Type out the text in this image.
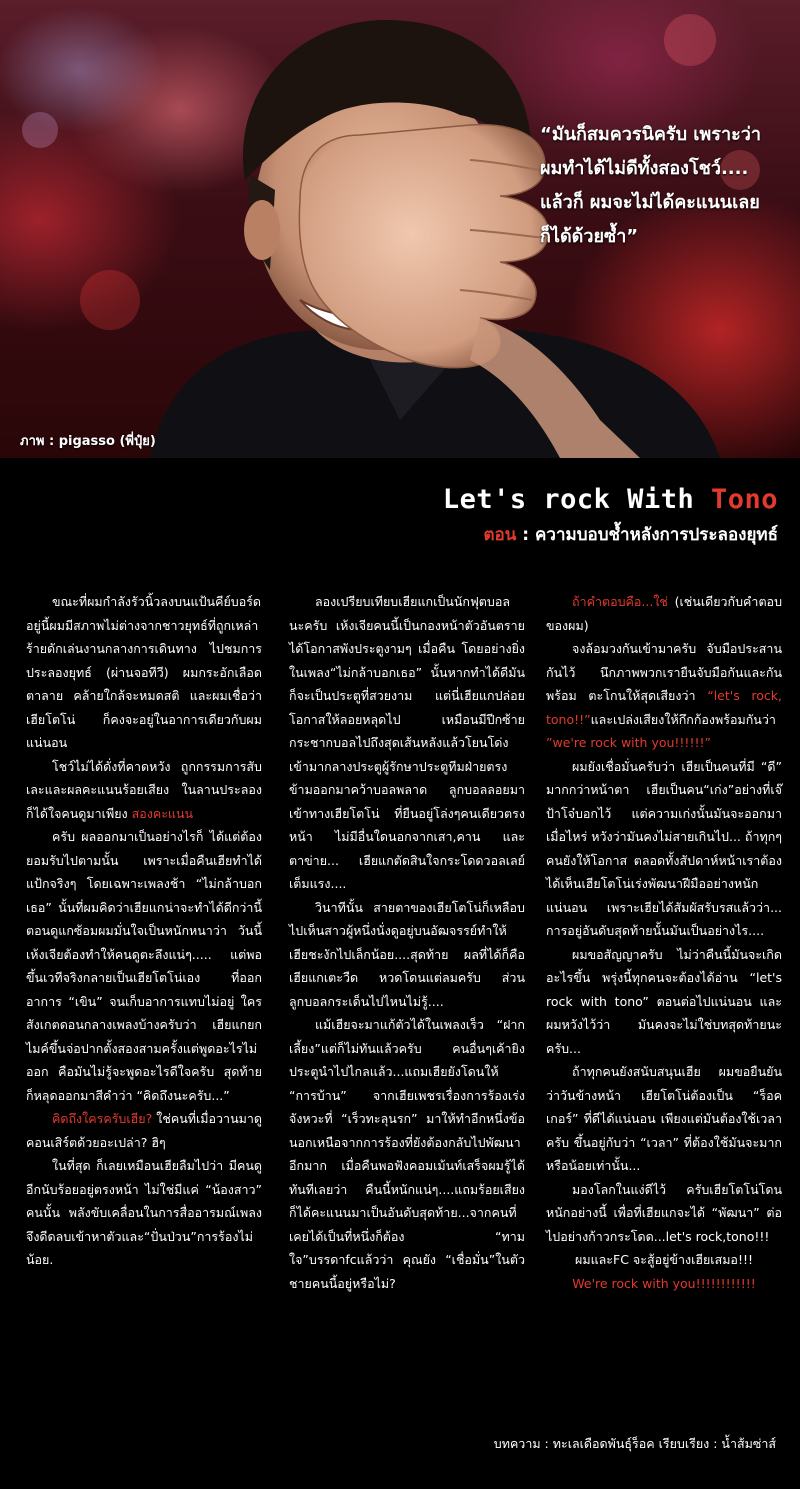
“มันก็สมควรนิครับ เพราะว่า
ผมทำได้ไม่ดีทั้งสองโชว์....
แล้วก็ ผมจะไม่ได้คะแนนเลย
ก็ได้ด้วยซ้ำ”
ภาพ : pigasso (พี่ปุ๋ย)
Let's rock With Tono
ตอน : ความบอบช้ำหลังการประลองยุทธ์

ขณะที่ผมกำลังรัวนิ้วลงบนแป้นคีย์บอร์ดอยู่นี้ผมมีสภาพไม่ต่างจากชาวยุทธ์ที่ถูกเหล่าร้ายดักเล่นงานกลางการเดินทาง ไปชมการประลองยุทธ์ (ผ่านจอทีวี) ผมกระอักเลือดตาลาย คล้ายใกล้จะหมดสติ และผมเชื่อว่าเฮียโตโน่ ก็คงจะอยู่ในอาการเดียวกับผมแน่นอน

โชว์ไม่ได้ดั่งที่คาดหวัง ถูกกรรมการสับเละและผลคะแนนร้อยเสียง ในลานประลองก็ได้ใจคนดูมาเพียง สองคะแนน

ครับ ผลออกมาเป็นอย่างไรก็ ได้แต่ต้องยอมรับไปตามนั้น เพราะเมื่อคืนเฮียทำได้แป้กจริงๆ โดยเฉพาะเพลงช้า “ไม่กล้าบอกเธอ” นั้นที่ผมคิดว่าเฮียแกน่าจะทำได้ดีกว่านี้ ตอนดูแกซ้อมผมมั่นใจเป็นหนักหนาว่า วันนี้ เห้งเจียต้องทำให้คนดูตะลึงแน่ๆ..... แต่พอขึ้นเวทีจริงกลายเป็นเฮียโตโน่เอง ที่ออกอาการ “เขิน” จนเก็บอาการแทบไม่อยู่ ใครสังเกตดอนกลางเพลงบ้างครับว่า เฮียแกยกไมค์ขึ้นจ่อปากตั้งสองสามครั้งแต่พูดอะไรไม่ออก คือมันไม่รู้จะพูดอะไรดีใจครับ สุดท้าย ก็หลุดออกมาสีคำว่า “คิดถึงนะครับ...”

คิดถึงใครครับเฮีย? ใช่คนที่เมื่อวานมาดูคอนเสิร์ตด้วยอะเปล่า? ฮิๆ

ในที่สุด ก็เลยเหมือนเฮียลืมไปว่า มีคนดูอีกนับร้อยอยู่ตรงหน้า ไม่ใช่มีแค่ “น้องสาว” คนนั้น พลังขับเคลื่อนในการสื่ออารมณ์เพลงจึงดีดลบเข้าหาตัวและ“ปั่นป่วน”การร้องไม่น้อย.

ลองเปรียบเทียบเฮียแกเป็นนักฟุตบอลนะครับ เห้งเจียคนนี้เป็นกองหน้าตัวอันตราย ได้โอกาสพังประตูงามๆ เมื่อคืน โดยอย่างยิ่งในเพลง“ไม่กล้าบอกเธอ” นั้นหากทำได้ดีมันก็จะเป็นประตูที่สวยงาม แต่นี่เฮียแกปล่อยโอกาสให้ลอยหลุดไป เหมือนมีปีกซ้ายกระชากบอลไปถึงสุดเส้นหลังแล้วโยนโด่ง เข้ามากลางประตูผู้รักษาประตูทีมฝ่ายตรงข้ามออกมาคว้าบอลพลาด ลูกบอลลอยมาเข้าทางเฮียโตโน่ ที่ยืนอยู่โล่งๆคนเดียวตรงหน้า ไม่มีอื่นใดนอกจากเสา,คาน และตาข่าย... เฮียแกตัดสินใจกระโดดวอลเลย์เต็มแรง....

วินาทีนั้น สายตาของเฮียโตโน่ก็เหลือบไปเห็นสาวผู้หนึ่งนั่งดูอยู่บนอัฒจรรย์ทำให้เฮียชะงักไปเล็กน้อย....สุดท้าย ผลที่ได้ก็คือเฮียแกเตะวืด หวดโดนแต่ลมครับ ส่วนลูกบอลกระเด็นไปไหนไม่รู้....

แม้เฮียจะมาแก้ตัวได้ในเพลงเร็ว “ฝากเลี้ยง”แต่ก็ไม่ทันแล้วครับ คนอื่นๆเค้ายิงประตูนำไปไกลแล้ว...แถมเฮียยังโดนให้ “การบ้าน” จากเฮียเพชรเรื่องการร้องเร่งจังหวะที่ “เร็วทะลุนรก” มาให้ทำอีกหนึ่งข้อ นอกเหนือจากการร้องที่ยังต้องกลับไปพัฒนาอีกมาก เมื่อคืนพอฟังคอมเม้นท์เสร็จผมรู้ได้ทันทีเลยว่า คืนนี้หนักแน่ๆ....แถมร้อยเสียงก็ได้คะแนนมาเป็นอันดับสุดท้าย...จากคนที่เคยได้เป็นที่หนึ่งก็ต้อง “ทามใจ”บรรดาfcแล้วว่า คุณยัง “เชื่อมั่น”ในตัวชายคนนี้อยู่หรือไม่?

ถ้าคำตอบคือ...ใช่ (เช่นเดียวกับคำตอบของผม)

จงล้อมวงกันเข้ามาครับ จับมือประสานกันไว้ นึกภาพพวกเรายืนจับมือกันและกันพร้อม ตะโกนให้สุดเสียงว่า “let's rock, tono!!”และเปล่งเสียงให้กึกก้องพร้อมกันว่า ”we're rock with you!!!!!!”

ผมยังเชื่อมั่นครับว่า เฮียเป็นคนที่มี “ดี” มากกว่าหน้าตา เฮียเป็นคน“เก่ง”อย่างที่เจ๊ป้าโจ๋บอกไว้ แต่ความเก่งนั้นมันจะออกมาเมื่อไหร่ หวังว่ามันคงไม่สายเกินไป... ถ้าทุกๆคนยังให้โอกาส ตลอดทั้งสัปดาห์หน้าเราต้องได้เห็นเฮียโตโน่เร่งพัฒนาฝีมืออย่างหนักแน่นอน เพราะเฮียได้สัมผัสรับรสแล้วว่า... การอยู่อันดับสุดท้ายนั้นมันเป็นอย่างไร....

ผมขอสัญญาครับ ไม่ว่าคืนนี้มันจะเกิดอะไรขึ้น พรุ่งนี้ทุกคนจะต้องได้อ่าน “let's rock with tono” ตอนต่อไปแน่นอน และผมหวังไว้ว่า มันคงจะไม่ใช่บทสุดท้ายนะครับ...

ถ้าทุกคนยังสนับสนุนเฮีย ผมขอยืนยันว่าวันข้างหน้า เฮียโตโน่ต้องเป็น “ร็อคเกอร์” ที่ดีได้แน่นอน เพียงแต่มันต้องใช้เวลาครับ ขึ้นอยู่กับว่า “เวลา” ที่ต้องใช้มันจะมากหรือน้อยเท่านั้น...

มองโลกในแง่ดีไว้ ครับเฮียโตโน่โดนหนักอย่างนี้ เพื่อที่เฮียแกจะได้ “พัฒนา” ต่อไปอย่างก้าวกระโดด...let's rock,tono!!!

ผมและFC จะสู้อยู่ข้างเฮียเสมอ!!!

We're rock with you!!!!!!!!!!!!

บทความ : ทะเลเดือดพันธุ์ร็อค เรียบเรียง : น้ำส้มซ่าส์
